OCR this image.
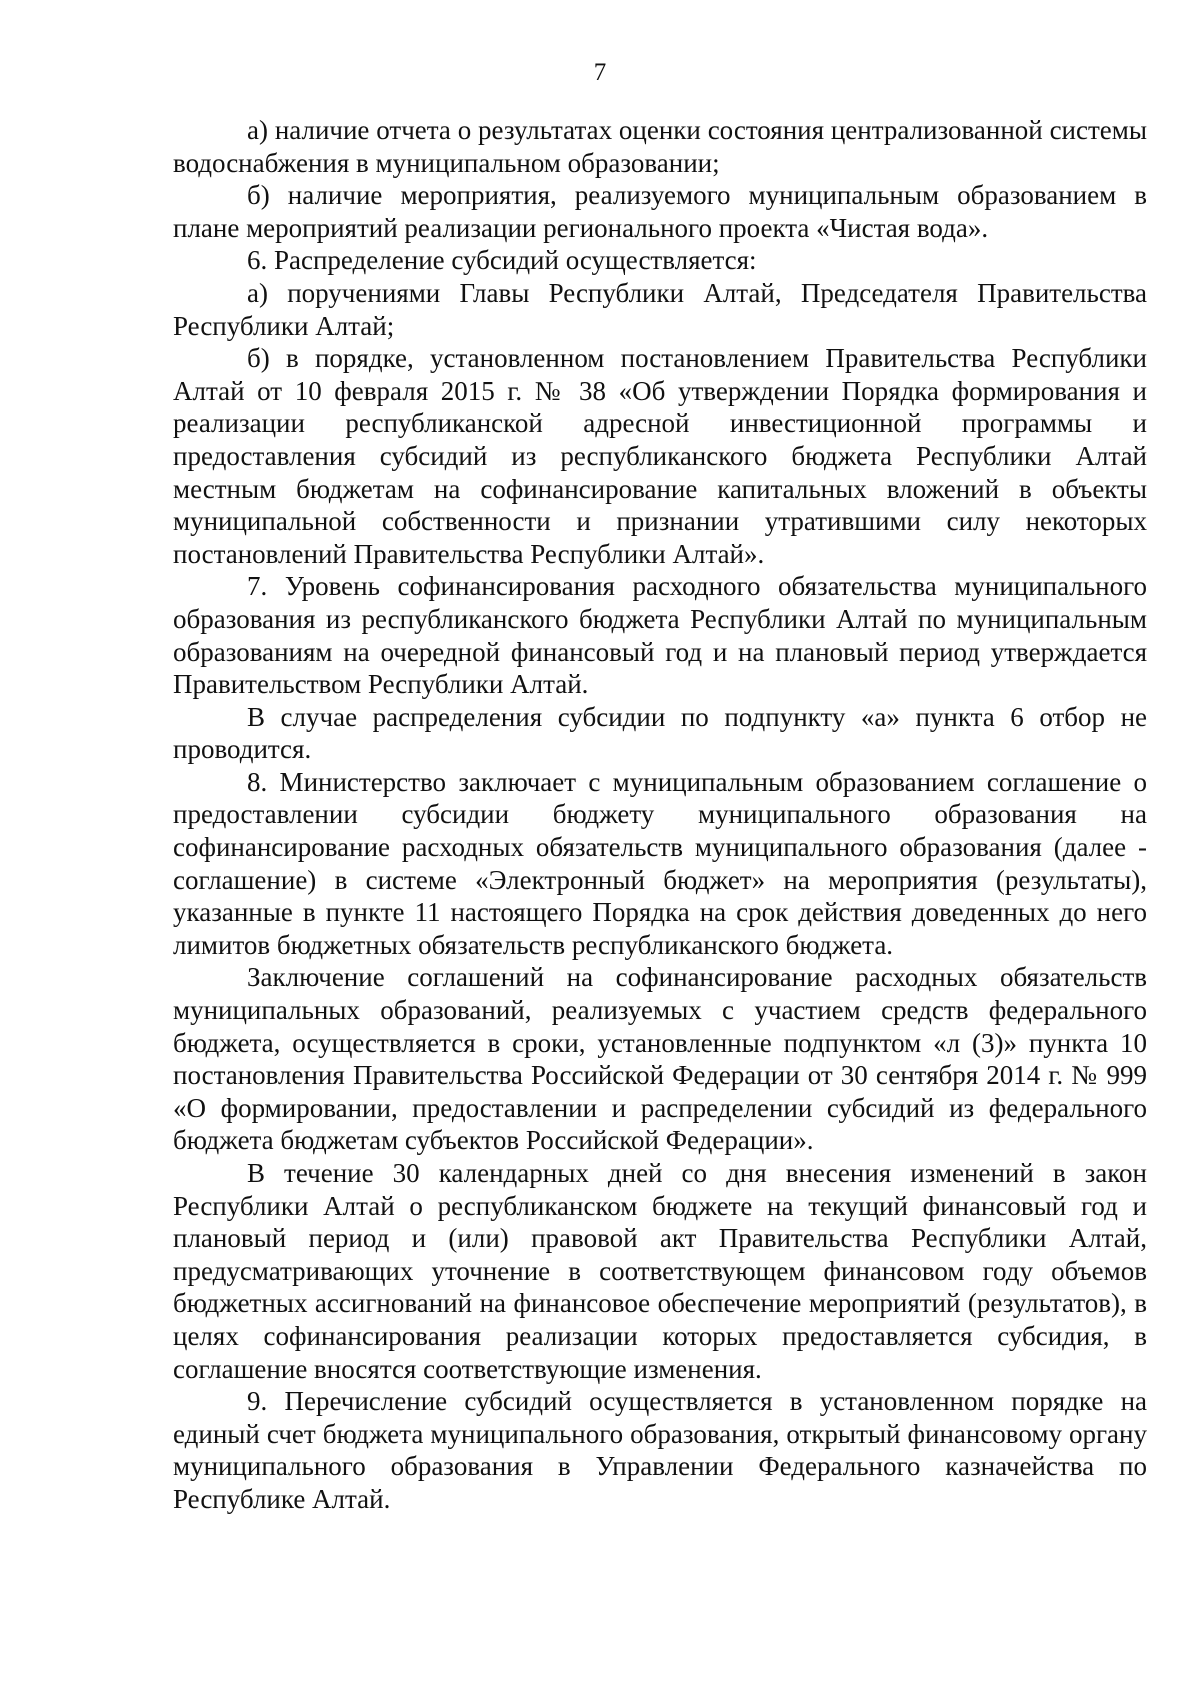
7

а) наличие отчета о результатах оценки состояния централизованной системы водоснабжения в муниципальном образовании;

б) наличие мероприятия, реализуемого муниципальным образованием в плане мероприятий реализации регионального проекта «Чистая вода».

6. Распределение субсидий осуществляется:

а) поручениями Главы Республики Алтай, Председателя Правительства Республики Алтай;

б) в порядке, установленном постановлением Правительства Республики Алтай от 10 февраля 2015 г. № 38 «Об утверждении Порядка формирования и реализации республиканской адресной инвестиционной программы и предоставления субсидий из республиканского бюджета Республики Алтай местным бюджетам на софинансирование капитальных вложений в объекты муниципальной собственности и признании утратившими силу некоторых постановлений Правительства Республики Алтай».

7. Уровень софинансирования расходного обязательства муниципального образования из республиканского бюджета Республики Алтай по муниципальным образованиям на очередной финансовый год и на плановый период утверждается Правительством Республики Алтай.

В случае распределения субсидии по подпункту «а» пункта 6 отбор не проводится.

8. Министерство заключает с муниципальным образованием соглашение о предоставлении субсидии бюджету муниципального образования на софинансирование расходных обязательств муниципального образования (далее - соглашение) в системе «Электронный бюджет» на мероприятия (результаты), указанные в пункте 11 настоящего Порядка на срок действия доведенных до него лимитов бюджетных обязательств республиканского бюджета.

Заключение соглашений на софинансирование расходных обязательств муниципальных образований, реализуемых с участием средств федерального бюджета, осуществляется в сроки, установленные подпунктом «л (3)» пункта 10 постановления Правительства Российской Федерации от 30 сентября 2014 г. № 999 «О формировании, предоставлении и распределении субсидий из федерального бюджета бюджетам субъектов Российской Федерации».

В течение 30 календарных дней со дня внесения изменений в закон Республики Алтай о республиканском бюджете на текущий финансовый год и плановый период и (или) правовой акт Правительства Республики Алтай, предусматривающих уточнение в соответствующем финансовом году объемов бюджетных ассигнований на финансовое обеспечение мероприятий (результатов), в целях софинансирования реализации которых предоставляется субсидия, в соглашение вносятся соответствующие изменения.

9. Перечисление субсидий осуществляется в установленном порядке на единый счет бюджета муниципального образования, открытый финансовому органу муниципального образования в Управлении Федерального казначейства по Республике Алтай.
